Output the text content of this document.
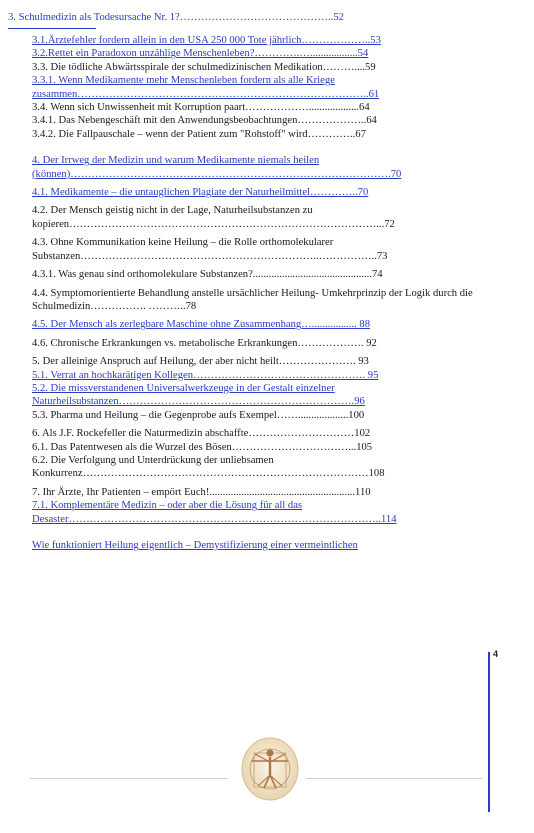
3. Schulmedizin als Todesursache Nr. 1?……………………………………..52
3.1.Ärztefehler fordern allein in den USA 250 000 Tote jährlich………………..53
3.2.Rettet ein Paradoxon unzählige Menschenleben?………….…..................54
3.3. Die tödliche Abwärtsspirale der schulmedizinischen Medikation………....59
3.3.1. Wenn Medikamente mehr Menschenleben fordern als alle Kriege zusammen………………………………………………………………………..61
3.4. Wenn sich Unwissenheit mit Korruption paart………………...................64
3.4.1. Das Nebengeschäft mit den Anwendungsbeobachtungen………………..64
3.4.2. Die Fallpauschale – wenn der Patient zum "Rohstoff" wird…………..67
4. Der Irrweg der Medizin und warum Medikamente niemals heilen (können)……………………………………………………………………………….70
4.1. Medikamente – die untauglichen Plagiate der Naturheilmittel…………..70
4.2. Der Mensch geistig nicht in der Lage, Naturheilsubstanzen zu kopieren……………………………………………………………………………...72
4.3. Ohne Kommunikation keine Heilung – die Rolle orthomolekularer Substanzen…………………………………………………………..……………..73
4.3.1. Was genau sind orthomolekulare Substanzen?.............................................74
4.4. Symptomorientierte Behandlung anstelle ursächlicher Heilung- Umkehrprinzip der Logik durch die Schulmedizin……………. ………..78
4.5. Der Mensch als zerlegbare Maschine ohne Zusammenhang…................. 88
4.6. Chronische Erkrankungen vs. metabolische Erkrankungen………………. 92
5. Der alleinige Anspruch auf Heilung, der aber nicht heilt…………………. 93
5.1. Verrat an hochkarätigen Kollegen…………………………………………. 95
5.2. Die missverstandenen Universalwerkzeuge in der Gestalt einzelner Naturheilsubstanzen………………………………………………………….96
5.3. Pharma und Heilung – die Gegenprobe aufs Exempel……...................100
6. Als J.F. Rockefeller die Naturmedizin abschaffte…………………………102
6.1. Das Patentwesen als die Wurzel des Bösen……………………………...105
6.2. Die Verfolgung und Unterdrückung der unliebsamen Konkurrenz………………………………………………………………………108
7. Ihr Ärzte, Ihr Patienten – empört Euch!.......................................................110
7.1. Komplementäre Medizin – oder aber die Lösung für all das Desaster……………………………………………………………………………..114
Wie funktioniert Heilung eigentlich – Demystifizierung einer vermeintlichen
4
